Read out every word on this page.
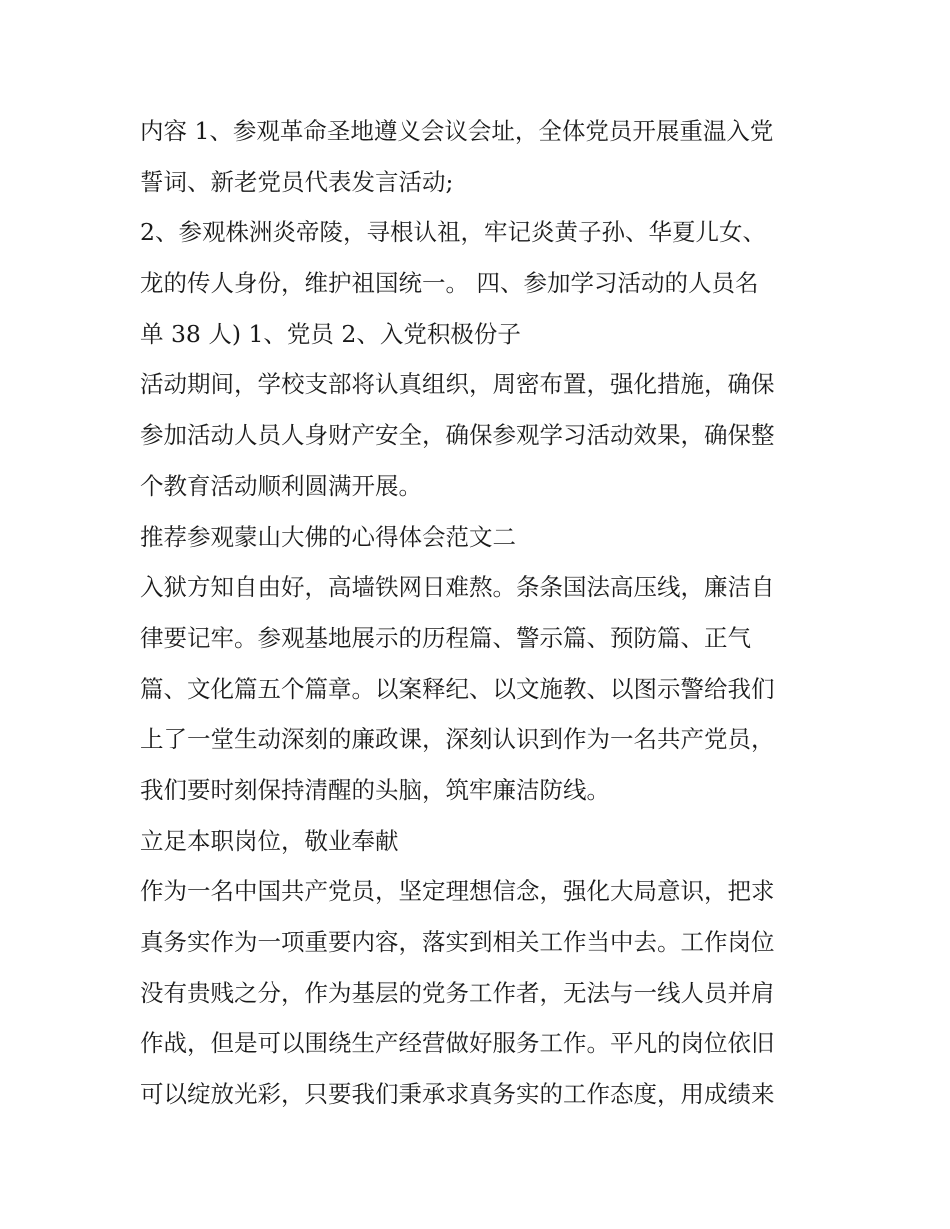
内容 1、参观革命圣地遵义会议会址，全体党员开展重温入党
誓词、新老党员代表发言活动;
2、参观株洲炎帝陵，寻根认祖，牢记炎黄子孙、华夏儿女、
龙的传人身份，维护祖国统一。 四、参加学习活动的人员名
单 38 人) 1、党员 2、入党积极份子
活动期间，学校支部将认真组织，周密布置，强化措施，确保
参加活动人员人身财产安全，确保参观学习活动效果，确保整
个教育活动顺利圆满开展。
推荐参观蒙山大佛的心得体会范文二
入狱方知自由好，高墙铁网日难熬。条条国法高压线，廉洁自
律要记牢。参观基地展示的历程篇、警示篇、预防篇、正气
篇、文化篇五个篇章。以案释纪、以文施教、以图示警给我们
上了一堂生动深刻的廉政课，深刻认识到作为一名共产党员，
我们要时刻保持清醒的头脑，筑牢廉洁防线。
立足本职岗位，敬业奉献
作为一名中国共产党员，坚定理想信念，强化大局意识，把求
真务实作为一项重要内容，落实到相关工作当中去。工作岗位
没有贵贱之分，作为基层的党务工作者，无法与一线人员并肩
作战，但是可以围绕生产经营做好服务工作。平凡的岗位依旧
可以绽放光彩，只要我们秉承求真务实的工作态度，用成绩来
